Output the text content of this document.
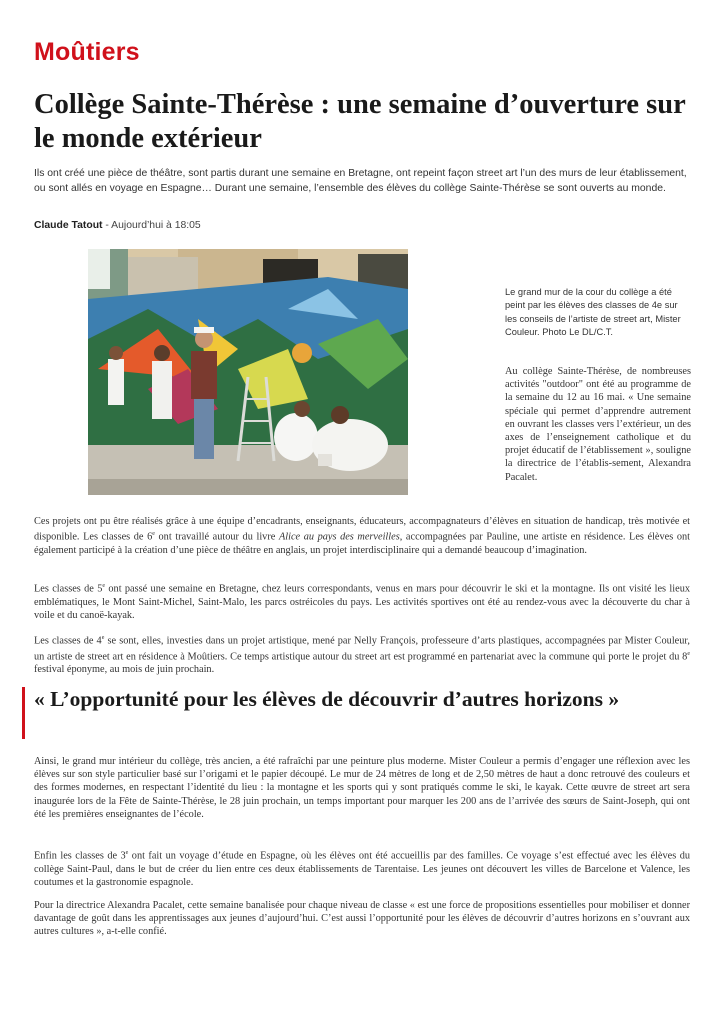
Moûtiers
Collège Sainte-Thérèse : une semaine d’ouverture sur le monde extérieur

Ils ont créé une pièce de théâtre, sont partis durant une semaine en Bretagne, ont repeint façon street art l’un des murs de leur établissement, ou sont allés en voyage en Espagne… Durant une semaine, l’ensemble des élèves du collège Sainte-Thérèse se sont ouverts au monde.

Claude Tatout - Aujourd’hui à 18:05

Le grand mur de la cour du collège a été peint par les élèves des classes de 4e sur les conseils de l’artiste de street art, Mister Couleur. Photo Le DL/C.T.

Au collège Sainte-Thérèse, de nombreuses activités "outdoor" ont été au programme de la semaine du 12 au 16 mai. « Une semaine spéciale qui permet d’apprendre autrement en ouvrant les classes vers l’extérieur, un des axes de l’enseignement catholique et du projet éducatif de l’établissement », souligne la directrice de l’établis-sement, Alexandra Pacalet.

Ces projets ont pu être réalisés grâce à une équipe d’encadrants, enseignants, éducateurs, accompagnateurs d’élèves en situation de handicap, très motivée et disponible. Les classes de 6e ont travaillé autour du livre Alice au pays des merveilles, accompagnées par Pauline, une artiste en résidence. Les élèves ont également participé à la création d’une pièce de théâtre en anglais, un projet interdisciplinaire qui a demandé beaucoup d’imagination.

Les classes de 5e ont passé une semaine en Bretagne, chez leurs correspondants, venus en mars pour découvrir le ski et la montagne. Ils ont visité les lieux emblématiques, le Mont Saint-Michel, Saint-Malo, les parcs ostréicoles du pays. Les activités sportives ont été au rendez-vous avec la découverte du char à voile et du canoë-kayak.

Les classes de 4e se sont, elles, investies dans un projet artistique, mené par Nelly François, professeure d’arts plastiques, accompagnées par Mister Couleur, un artiste de street art en résidence à Moûtiers. Ce temps artistique autour du street art est programmé en partenariat avec la commune qui porte le projet du 8e festival éponyme, au mois de juin prochain.

« L’opportunité pour les élèves de découvrir d’autres horizons »

Ainsi, le grand mur intérieur du collège, très ancien, a été rafraîchi par une peinture plus moderne. Mister Couleur a permis d’engager une réflexion avec les élèves sur son style particulier basé sur l’origami et le papier découpé. Le mur de 24 mètres de long et de 2,50 mètres de haut a donc retrouvé des couleurs et des formes modernes, en respectant l’identité du lieu : la montagne et les sports qui y sont pratiqués comme le ski, le kayak. Cette œuvre de street art sera inaugurée lors de la Fête de Sainte-Thérèse, le 28 juin prochain, un temps important pour marquer les 200 ans de l’arrivée des sœurs de Saint-Joseph, qui ont été les premières enseignantes de l’école.

Enfin les classes de 3e ont fait un voyage d’étude en Espagne, où les élèves ont été accueillis par des familles. Ce voyage s’est effectué avec les élèves du collège Saint-Paul, dans le but de créer du lien entre ces deux établissements de Tarentaise. Les jeunes ont découvert les villes de Barcelone et Valence, les coutumes et la gastronomie espagnole.

Pour la directrice Alexandra Pacalet, cette semaine banalisée pour chaque niveau de classe « est une force de propositions essentielles pour mobiliser et donner davantage de goût dans les apprentissages aux jeunes d’aujourd’hui. C’est aussi l’opportunité pour les élèves de découvrir d’autres horizons en s’ouvrant aux autres cultures », a-t-elle confié.
